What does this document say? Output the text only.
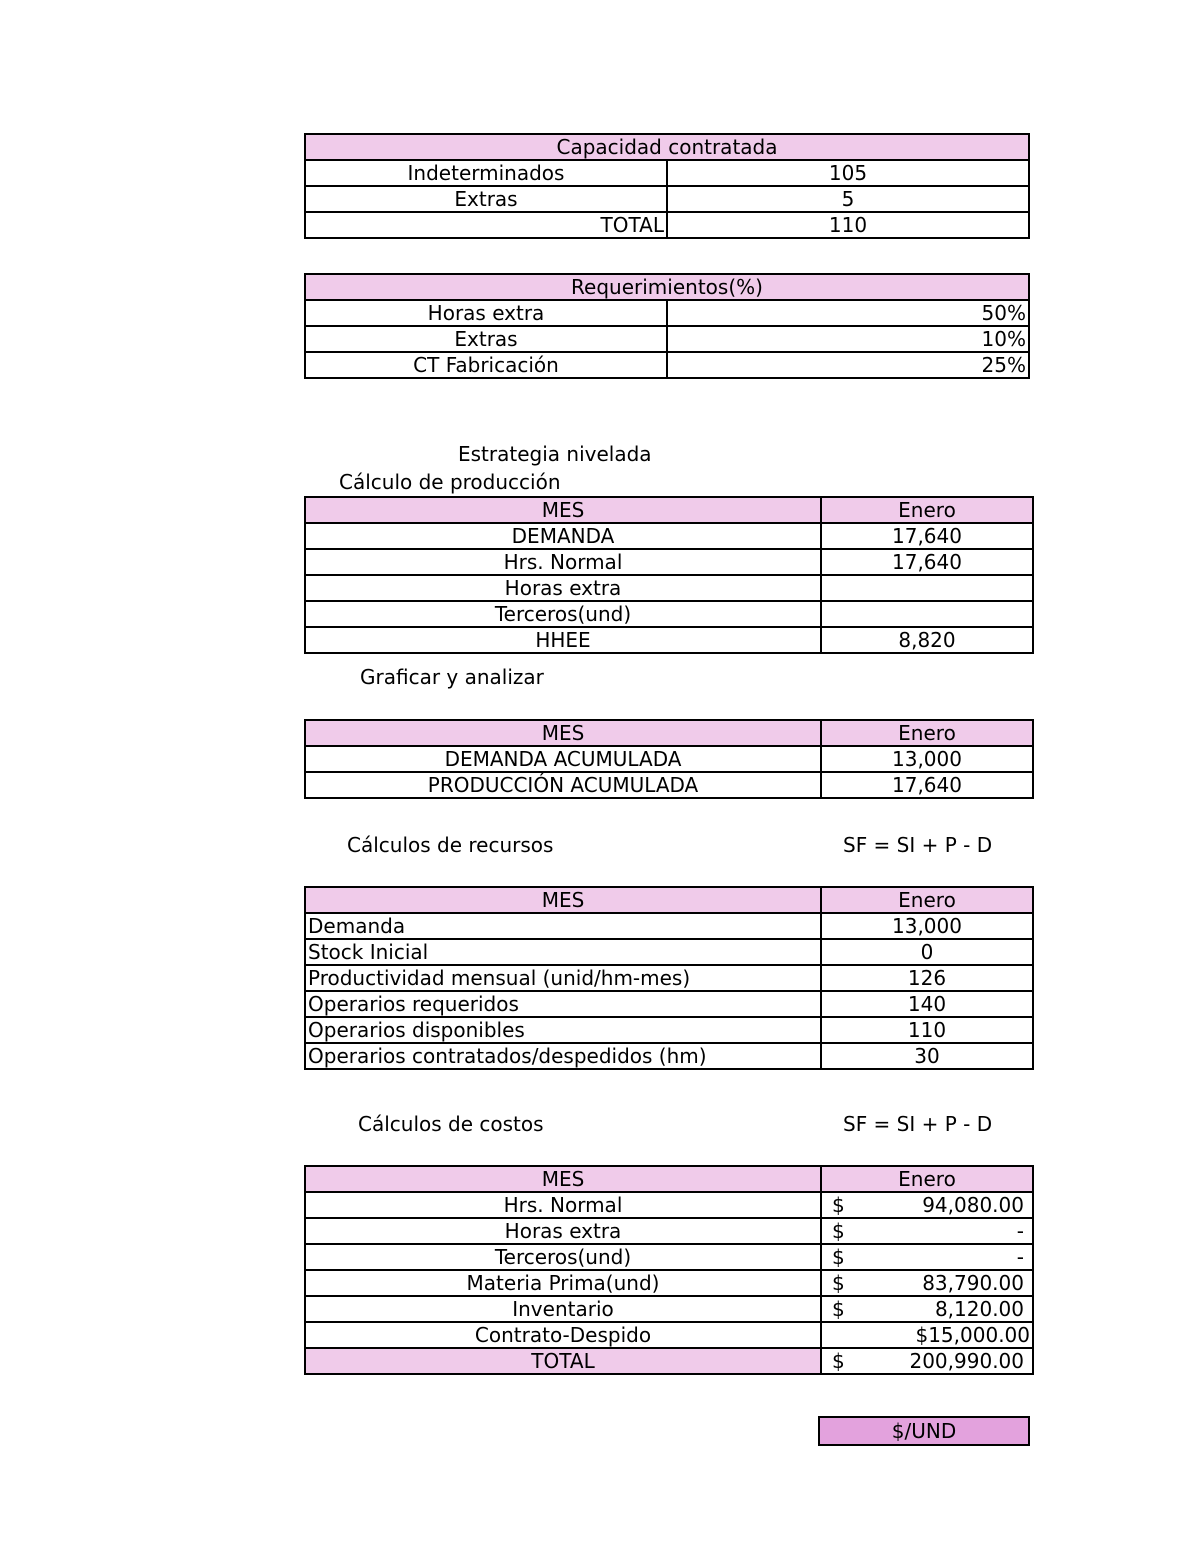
Capacidad contratada	
Indeterminados	105
Extras	5
TOTAL	110
Requerimientos(%)	
Horas extra	50%
Extras	10%
CT Fabricación	25%
Estrategia nivelada
Cálculo de producción
MES	Enero
DEMANDA	17,640
Hrs. Normal	17,640
Horas extra	
Terceros(und)	
HHEE	8,820
Graficar y analizar
MES	Enero
DEMANDA ACUMULADA	13,000
PRODUCCIÓN ACUMULADA	17,640
Cálculos de recursos	SF = SI + P - D
MES	Enero
Demanda	13,000
Stock Inicial	0
Productividad mensual (unid/hm-mes)	126
Operarios requeridos	140
Operarios disponibles	110
Operarios contratados/despedidos (hm)	30
Cálculos de costos	SF = SI + P - D
MES	Enero
Hrs. Normal	$ 94,080.00

Horas extra	$ -

Terceros(und)	$ -

Materia Prima(und)	$ 83,790.00

Inventario	$ 8,120.00

Contrato-Despido	$15,000.00
TOTAL	$ 200,990.00
$/UND
